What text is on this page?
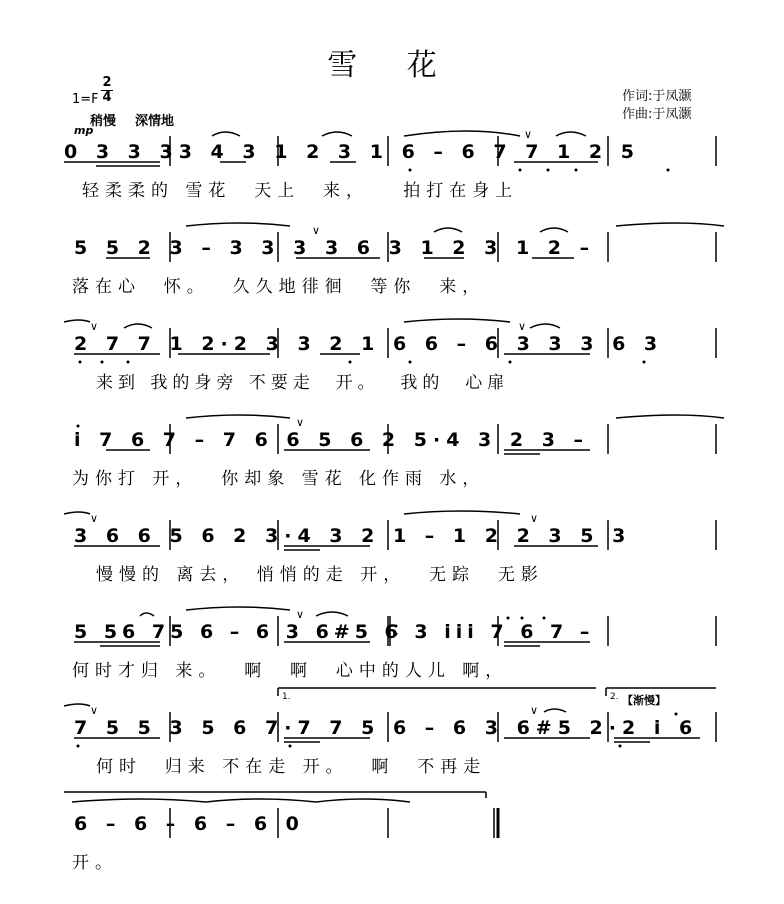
雪 花
1=F
2
4
稍慢 深情地
mp
作词:于凤灏
作曲:于凤灏
∨
0 3 3 33 4 3 1 2 3 1 6 – 6 7 7 1 2 5
轻柔柔的 雪花  天上  来，   拍打在身上
∨
5 5 2 3 – 3 3 3 3 6 3 1 2 3 1 2 –
落在心  怀。  久久地徘徊  等你  来，
∨	∨
2 7 7 1 2·2 3 3 2 1 6 6 – 6 3 3 3 6 3
来到 我的身旁 不要走  开。  我的  心扉
∨
i 7 6 7 – 7 6 6 5 6 2 5·4 3 2 3 –
为你打 开，  你却象 雪花 化作雨 水，
∨	∨
3 6 6 5 6 2 3·4 3 2 1 – 1 2 2 3 5 3
慢慢的 离去， 悄悄的走 开，  无踪  无影
∨
5 56 75 6 – 6 3 6#5 6 3 iii 7 6 7 –
何时才归 来。  啊  啊  心中的人儿 啊，
∨	∨
1.	2. 【渐慢】
7 5 5 3 5 6 7·7 7 5 6 – 6 3 6#5 2·2 i 6
何时  归来 不在走 开。  啊  不再走
6 – 6 – 6 – 6 0
开。
